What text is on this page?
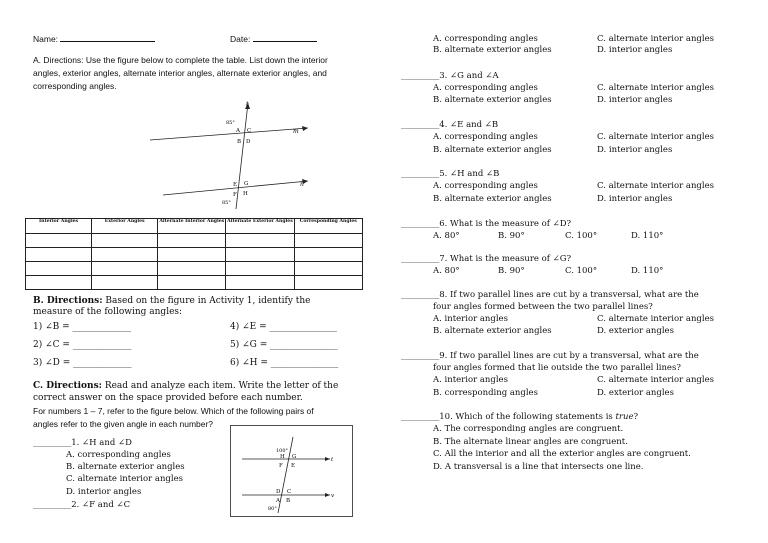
Name:	Date:
A. Directions: Use the figure below to complete the table. List down the interior
angles, exterior angles, alternate interior angles, alternate exterior angles, and
corresponding angles.
t
m
n
85°
A C
B D
E G
F H
85°
Interior Angles	Exterior Angles	Alternate Interior Angles	Alternate Exterior Angles	Corresponding Angles

B. Directions: Based on the figure in Activity 1, identify the
measure of the following angles:
1) ∠B = _____________	4) ∠E = _______________
2) ∠C = _____________	5) ∠G = _______________
3) ∠D = _____________	6) ∠H = _______________
C. Directions: Read and analyze each item. Write the letter of the
correct answer on the space provided before each number.
For numbers 1 – 7, refer to the figure below. Which of the following pairs of
angles refer to the given angle in each number?
100°
H G
F E
D C
A B
80°
t
v
_________1. ∠H and ∠D
A. corresponding angles
B. alternate exterior angles
C. alternate interior angles
D. interior angles
_________2. ∠F and ∠C
A. corresponding angles	C. alternate interior angles
B. alternate exterior angles	D. interior angles
_________3. ∠G and ∠A
A. corresponding angles	C. alternate interior angles
B. alternate exterior angles	D. interior angles
_________4. ∠E and ∠B
A. corresponding angles	C. alternate interior angles
B. alternate exterior angles	D. interior angles
_________5. ∠H and ∠B
A. corresponding angles	C. alternate interior angles
B. alternate exterior angles	D. interior angles
_________6. What is the measure of ∠D?
A. 80°	B. 90°	C. 100°	D. 110°
_________7. What is the measure of ∠G?
A. 80°	B. 90°	C. 100°	D. 110°
_________8. If two parallel lines are cut by a transversal, what are the
four angles formed between the two parallel lines?
A. interior angles	C. alternate interior angles
B. alternate exterior angles	D. exterior angles
_________9. If two parallel lines are cut by a transversal, what are the
four angles formed that lie outside the two parallel lines?
A. interior angles	C. alternate interior angles
B. corresponding angles	D. exterior angles
_________10. Which of the following statements is true?
A. The corresponding angles are congruent.
B. The alternate linear angles are congruent.
C. All the interior and all the exterior angles are congruent.
D. A transversal is a line that intersects one line.
